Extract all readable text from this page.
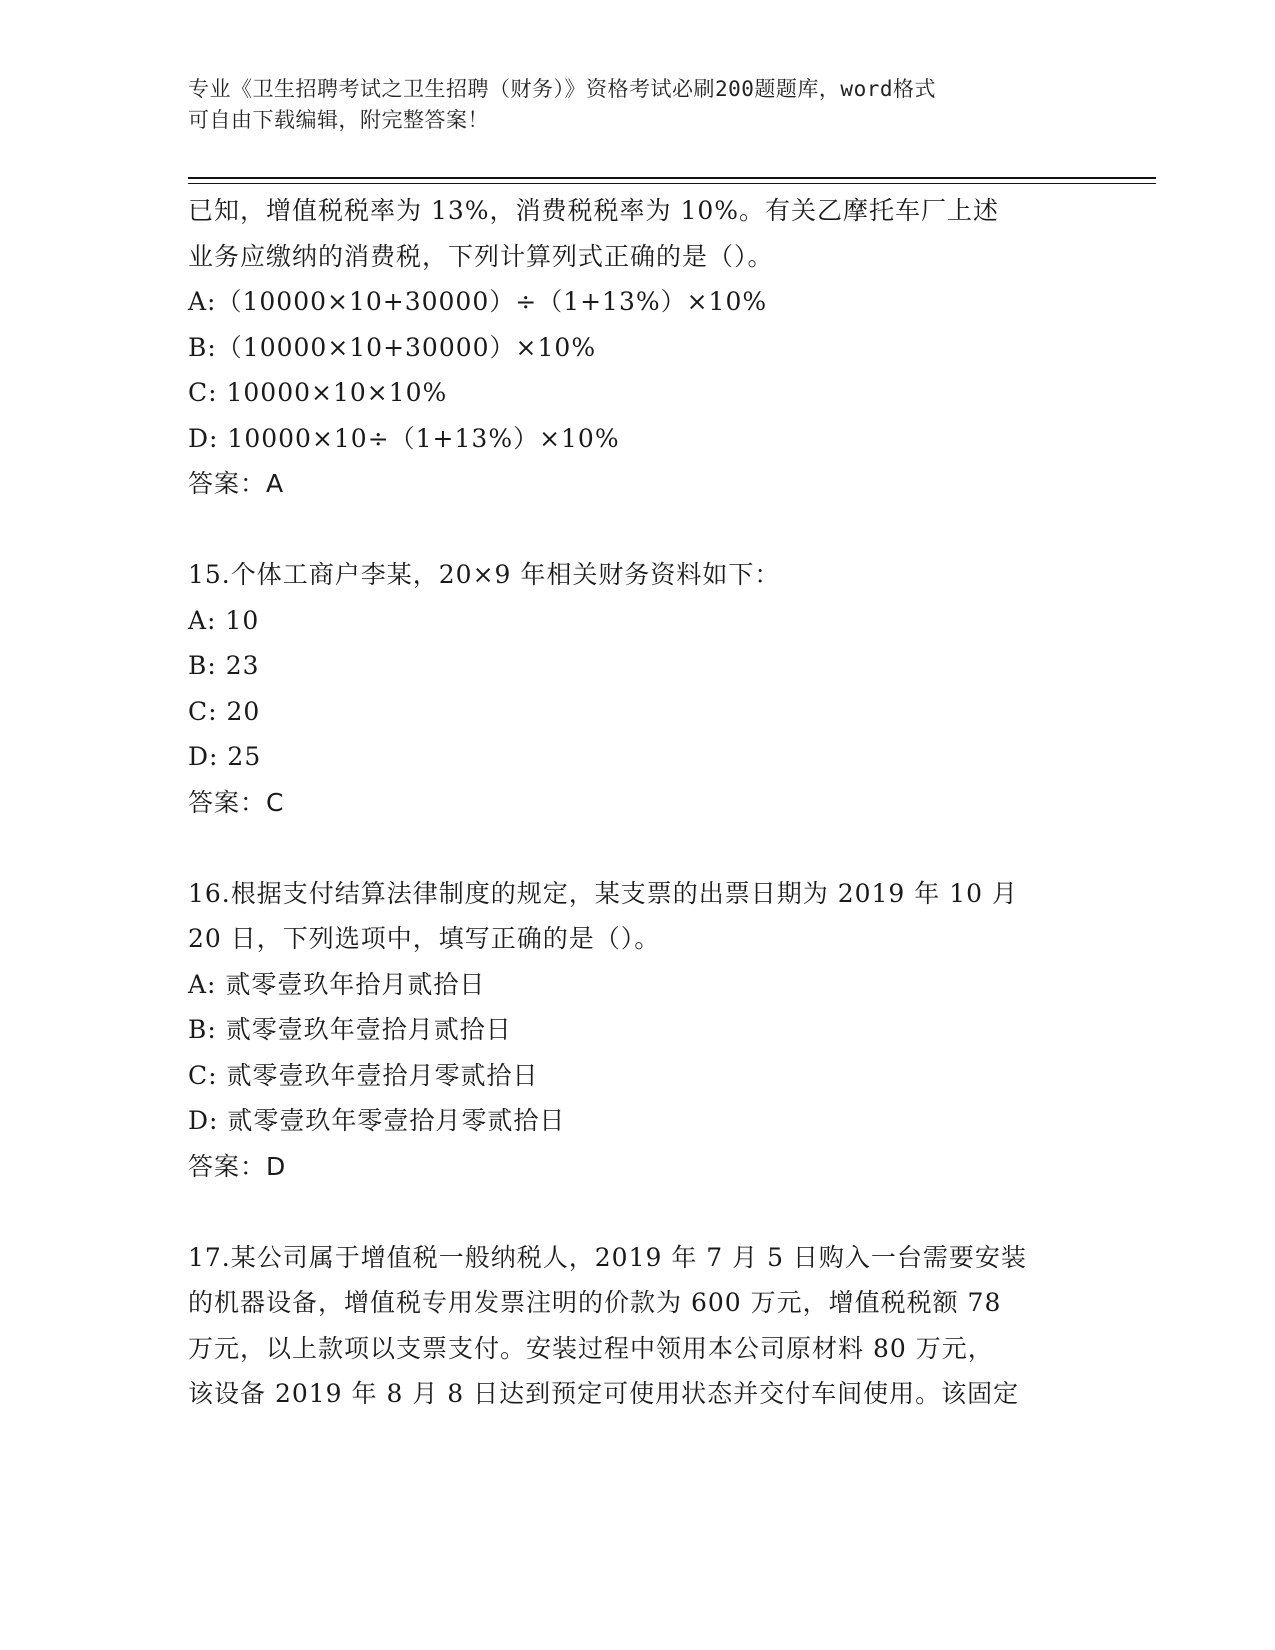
专业《卫生招聘考试之卫生招聘（财务）》资格考试必刷200题题库，word格式
可自由下载编辑，附完整答案！
已知，增值税税率为 13%，消费税税率为 10%。有关乙摩托车厂上述
业务应缴纳的消费税，下列计算列式正确的是（）。
A:（10000×10+30000）÷（1+13%）×10%
B:（10000×10+30000）×10%
C: 10000×10×10%
D: 10000×10÷（1+13%）×10%
答案：A
15.个体工商户李某，20×9 年相关财务资料如下：
A: 10
B: 23
C: 20
D: 25
答案：C
16.根据支付结算法律制度的规定，某支票的出票日期为 2019 年 10 月
20 日，下列选项中，填写正确的是（）。
A: 贰零壹玖年拾月贰拾日
B: 贰零壹玖年壹拾月贰拾日
C: 贰零壹玖年壹拾月零贰拾日
D: 贰零壹玖年零壹拾月零贰拾日
答案：D
17.某公司属于增值税一般纳税人，2019 年 7 月 5 日购入一台需要安装
的机器设备，增值税专用发票注明的价款为 600 万元，增值税税额 78
万元，以上款项以支票支付。安装过程中领用本公司原材料 80 万元，
该设备 2019 年 8 月 8 日达到预定可使用状态并交付车间使用。该固定
